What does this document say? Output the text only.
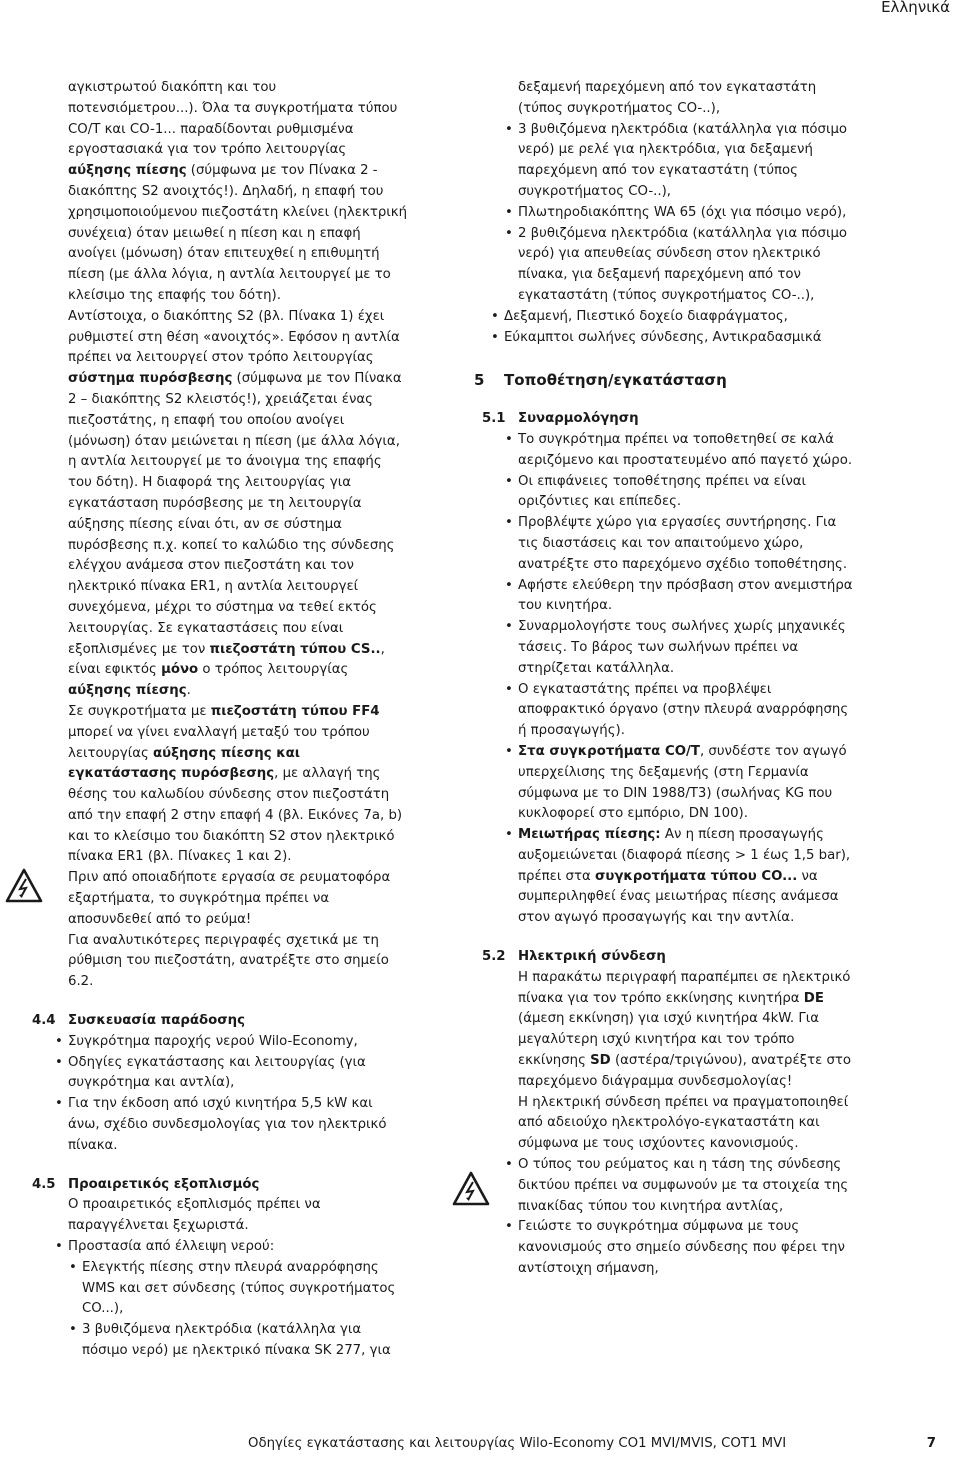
Ελληνικά

αγκιστρωτού διακόπτη και του ποτενσιόμετρου...). Όλα τα συγκροτήματα τύπου CO/T και CO-1... παραδίδονται ρυθμισμένα εργοστασιακά για τον τρόπο λειτουργίας αύξησης πίεσης (σύμφωνα με τον Πίνακα 2 - διακόπτης S2 ανοιχτός!). Δηλαδή, η επαφή του χρησιμοποιούμενου πιεζοστάτη κλείνει (ηλεκτρική συνέχεια) όταν μειωθεί η πίεση και η επαφή ανοίγει (μόνωση) όταν επιτευχθεί η επιθυμητή πίεση (με άλλα λόγια, η αντλία λειτουργεί με το κλείσιμο της επαφής του δότη).

Αντίστοιχα, ο διακόπτης S2 (βλ. Πίνακα 1) έχει ρυθμιστεί στη θέση «ανοιχτός». Εφόσον η αντλία πρέπει να λειτουργεί στον τρόπο λειτουργίας σύστημα πυρόσβεσης (σύμφωνα με τον Πίνακα 2 – διακόπτης S2 κλειστός!), χρειάζεται ένας πιεζοστάτης, η επαφή του οποίου ανοίγει (μόνωση) όταν μειώνεται η πίεση (με άλλα λόγια, η αντλία λειτουργεί με το άνοιγμα της επαφής του δότη). Η διαφορά της λειτουργίας για εγκατάσταση πυρόσβεσης με τη λειτουργία αύξησης πίεσης είναι ότι, αν σε σύστημα πυρόσβεσης π.χ. κοπεί το καλώδιο της σύνδεσης ελέγχου ανάμεσα στον πιεζοστάτη και τον ηλεκτρικό πίνακα ER1, η αντλία λειτουργεί συνεχόμενα, μέχρι το σύστημα να τεθεί εκτός λειτουργίας. Σε εγκαταστάσεις που είναι εξοπλισμένες με τον πιεζοστάτη τύπου CS.., είναι εφικτός μόνο ο τρόπος λειτουργίας αύξησης πίεσης.

Σε συγκροτήματα με πιεζοστάτη τύπου FF4 μπορεί να γίνει εναλλαγή μεταξύ του τρόπου λειτουργίας αύξησης πίεσης και εγκατάστασης πυρόσβεσης, με αλλαγή της θέσης του καλωδίου σύνδεσης στον πιεζοστάτη από την επαφή 2 στην επαφή 4 (βλ. Εικόνες 7a, b) και το κλείσιμο του διακόπτη S2 στον ηλεκτρικό πίνακα ER1 (βλ. Πίνακες 1 και 2).

Πριν από οποιαδήποτε εργασία σε ρευματοφόρα εξαρτήματα, το συγκρότημα πρέπει να αποσυνδεθεί από το ρεύμα!

Για αναλυτικότερες περιγραφές σχετικά με τη ρύθμιση του πιεζοστάτη, ανατρέξτε στο σημείο 6.2.

4.4 Συσκευασία παράδοσης
• Συγκρότημα παροχής νερού Wilo-Economy,
• Οδηγίες εγκατάστασης και λειτουργίας (για συγκρότημα και αντλία),
• Για την έκδοση από ισχύ κινητήρα 5,5 kW και άνω, σχέδιο συνδεσμολογίας για τον ηλεκτρικό πίνακα.
4.5 Προαιρετικός εξοπλισμός

Ο προαιρετικός εξοπλισμός πρέπει να παραγγέλνεται ξεχωριστά.

• Προστασία από έλλειψη νερού:
• Ελεγκτής πίεσης στην πλευρά αναρρόφησης WMS και σετ σύνδεσης (τύπος συγκροτήματος CO...),
• 3 βυθιζόμενα ηλεκτρόδια (κατάλληλα για πόσιμο νερό) με ηλεκτρικό πίνακα SK 277, για

δεξαμενή παρεχόμενη από τον εγκαταστάτη (τύπος συγκροτήματος CO-..),

• 3 βυθιζόμενα ηλεκτρόδια (κατάλληλα για πόσιμο νερό) με ρελέ για ηλεκτρόδια, για δεξαμενή παρεχόμενη από τον εγκαταστάτη (τύπος συγκροτήματος CO-..),
• Πλωτηροδιακόπτης WA 65 (όχι για πόσιμο νερό),
• 2 βυθιζόμενα ηλεκτρόδια (κατάλληλα για πόσιμο νερό) για απευθείας σύνδεση στον ηλεκτρικό πίνακα, για δεξαμενή παρεχόμενη από τον εγκαταστάτη (τύπος συγκροτήματος CO-..),
• Δεξαμενή, Πιεστικό δοχείο διαφράγματος,
• Εύκαμπτοι σωλήνες σύνδεσης, Αντικραδασμικά
5	Τοποθέτηση/εγκατάσταση
5.1 Συναρμολόγηση
• Το συγκρότημα πρέπει να τοποθετηθεί σε καλά αεριζόμενο και προστατευμένο από παγετό χώρο.
• Οι επιφάνειες τοποθέτησης πρέπει να είναι οριζόντιες και επίπεδες.
• Προβλέψτε χώρο για εργασίες συντήρησης. Για τις διαστάσεις και τον απαιτούμενο χώρο, ανατρέξτε στο παρεχόμενο σχέδιο τοποθέτησης.
• Αφήστε ελεύθερη την πρόσβαση στον ανεμιστήρα του κινητήρα.
• Συναρμολογήστε τους σωλήνες χωρίς μηχανικές τάσεις. Το βάρος των σωλήνων πρέπει να στηρίζεται κατάλληλα.
• Ο εγκαταστάτης πρέπει να προβλέψει αποφρακτικό όργανο (στην πλευρά αναρρόφησης ή προσαγωγής).
• Στα συγκροτήματα CO/T, συνδέστε τον αγωγό υπερχείλισης της δεξαμενής (στη Γερμανία σύμφωνα με το DIN 1988/T3) (σωλήνας KG που κυκλοφορεί στο εμπόριο, DN 100).
• Μειωτήρας πίεσης: Αν η πίεση προσαγωγής αυξομειώνεται (διαφορά πίεσης > 1 έως 1,5 bar), πρέπει στα συγκροτήματα τύπου CO... να συμπεριληφθεί ένας μειωτήρας πίεσης ανάμεσα στον αγωγό προσαγωγής και την αντλία.
5.2 Ηλεκτρική σύνδεση

Η παρακάτω περιγραφή παραπέμπει σε ηλεκτρικό πίνακα για τον τρόπο εκκίνησης κινητήρα DE (άμεση εκκίνηση) για ισχύ κινητήρα 4kW. Για μεγαλύτερη ισχύ κινητήρα και τον τρόπο εκκίνησης SD (αστέρα/τριγώνου), ανατρέξτε στο παρεχόμενο διάγραμμα συνδεσμολογίας!

Η ηλεκτρική σύνδεση πρέπει να πραγματοποιηθεί από αδειούχο ηλεκτρολόγο-εγκαταστάτη και σύμφωνα με τους ισχύοντες κανονισμούς.

• Ο τύπος του ρεύματος και η τάση της σύνδεσης δικτύου πρέπει να συμφωνούν με τα στοιχεία της πινακίδας τύπου του κινητήρα αντλίας,
• Γειώστε το συγκρότημα σύμφωνα με τους κανονισμούς στο σημείο σύνδεσης που φέρει την αντίστοιχη σήμανση,
Οδηγίες εγκατάστασης και λειτουργίας Wilo-Economy CO1 MVI/MVIS, COT1 MVI	7
